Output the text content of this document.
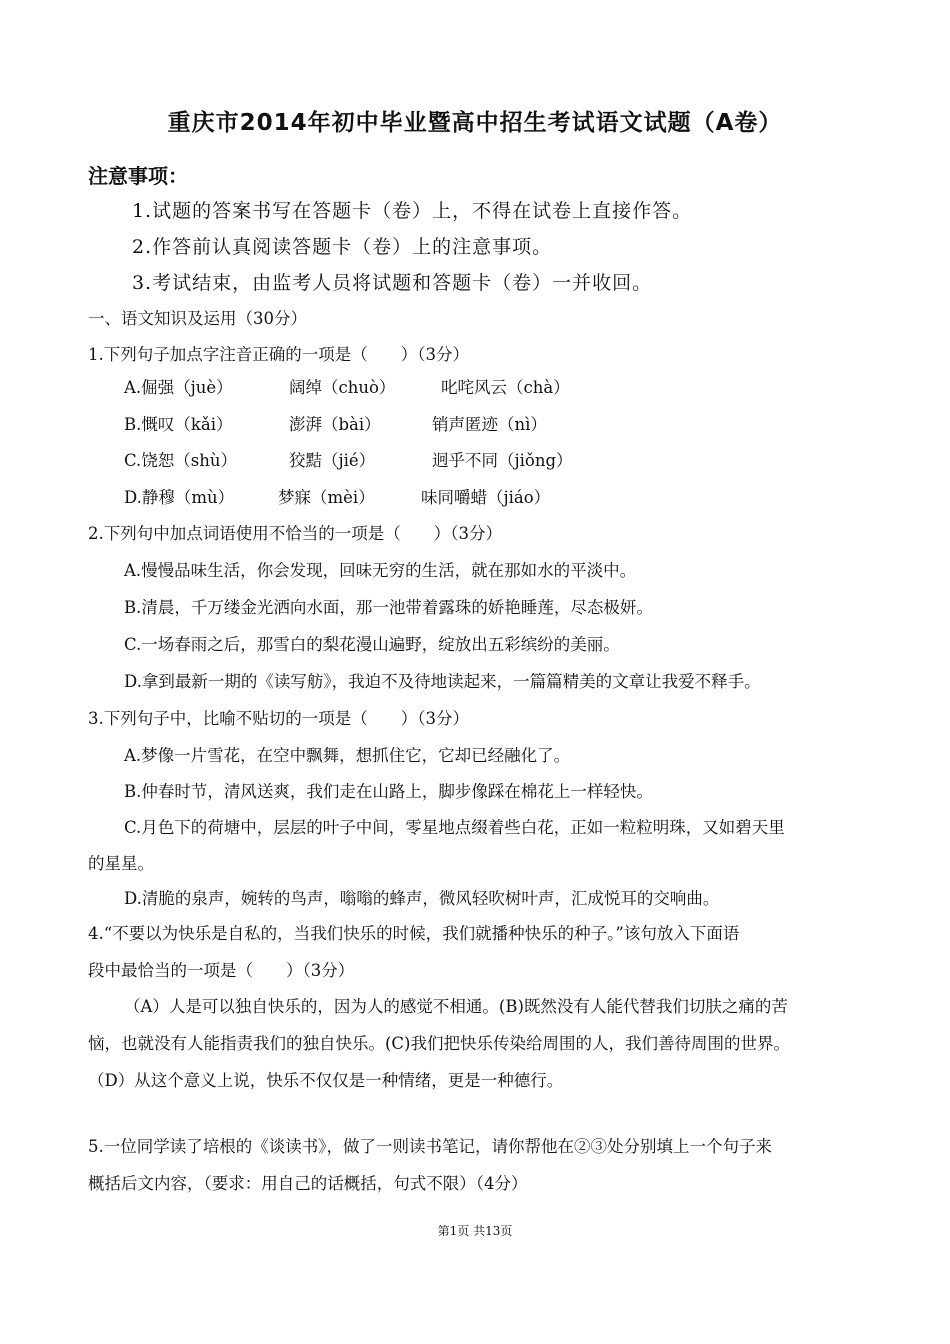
重庆市2014年初中毕业暨高中招生考试语文试题（A卷）
注意事项：
1.试题的答案书写在答题卡（卷）上，不得在试卷上直接作答。
2.作答前认真阅读答题卡（卷）上的注意事项。
3.考试结束，由监考人员将试题和答题卡（卷）一并收回。
一、语文知识及运用（30分）
1.下列句子加点字注音正确的一项是（　　）（3分）
A.倔强（juè）	阔绰（chuò）	叱咤风云（chà）
B.慨叹（kǎi）	澎湃（bài）	销声匿迹（nì）
C.饶恕（shù）	狡黠（jié）	迥乎不同（jiǒng）
D.静穆（mù）	梦寐（mèi）	味同嚼蜡（jiáo）
2.下列句中加点词语使用不恰当的一项是（　　）（3分）
A.慢慢品味生活，你会发现，回味无穷的生活，就在那如水的平淡中。
B.清晨，千万缕金光洒向水面，那一池带着露珠的娇艳睡莲，尽态极妍。
C.一场春雨之后，那雪白的梨花漫山遍野，绽放出五彩缤纷的美丽。
D.拿到最新一期的《读写舫》，我迫不及待地读起来，一篇篇精美的文章让我爱不释手。
3.下列句子中，比喻不贴切的一项是（　　）（3分）
A.梦像一片雪花，在空中飘舞，想抓住它，它却已经融化了。
B.仲春时节，清风送爽，我们走在山路上，脚步像踩在棉花上一样轻快。
C.月色下的荷塘中，层层的叶子中间，零星地点缀着些白花，正如一粒粒明珠，又如碧天里
的星星。
D.清脆的泉声，婉转的鸟声，嗡嗡的蜂声，微风轻吹树叶声，汇成悦耳的交响曲。
4.“不要以为快乐是自私的，当我们快乐的时候，我们就播种快乐的种子。”该句放入下面语
段中最恰当的一项是（　　）（3分）
（A）人是可以独自快乐的，因为人的感觉不相通。(B)既然没有人能代替我们切肤之痛的苦
恼，也就没有人能指责我们的独自快乐。(C)我们把快乐传染给周围的人，我们善待周围的世界。
（D）从这个意义上说，快乐不仅仅是一种情绪，更是一种德行。
5.一位同学读了培根的《谈读书》，做了一则读书笔记，请你帮他在②③处分别填上一个句子来
概括后文内容，（要求：用自己的话概括，句式不限）（4分）
第1页 共13页
